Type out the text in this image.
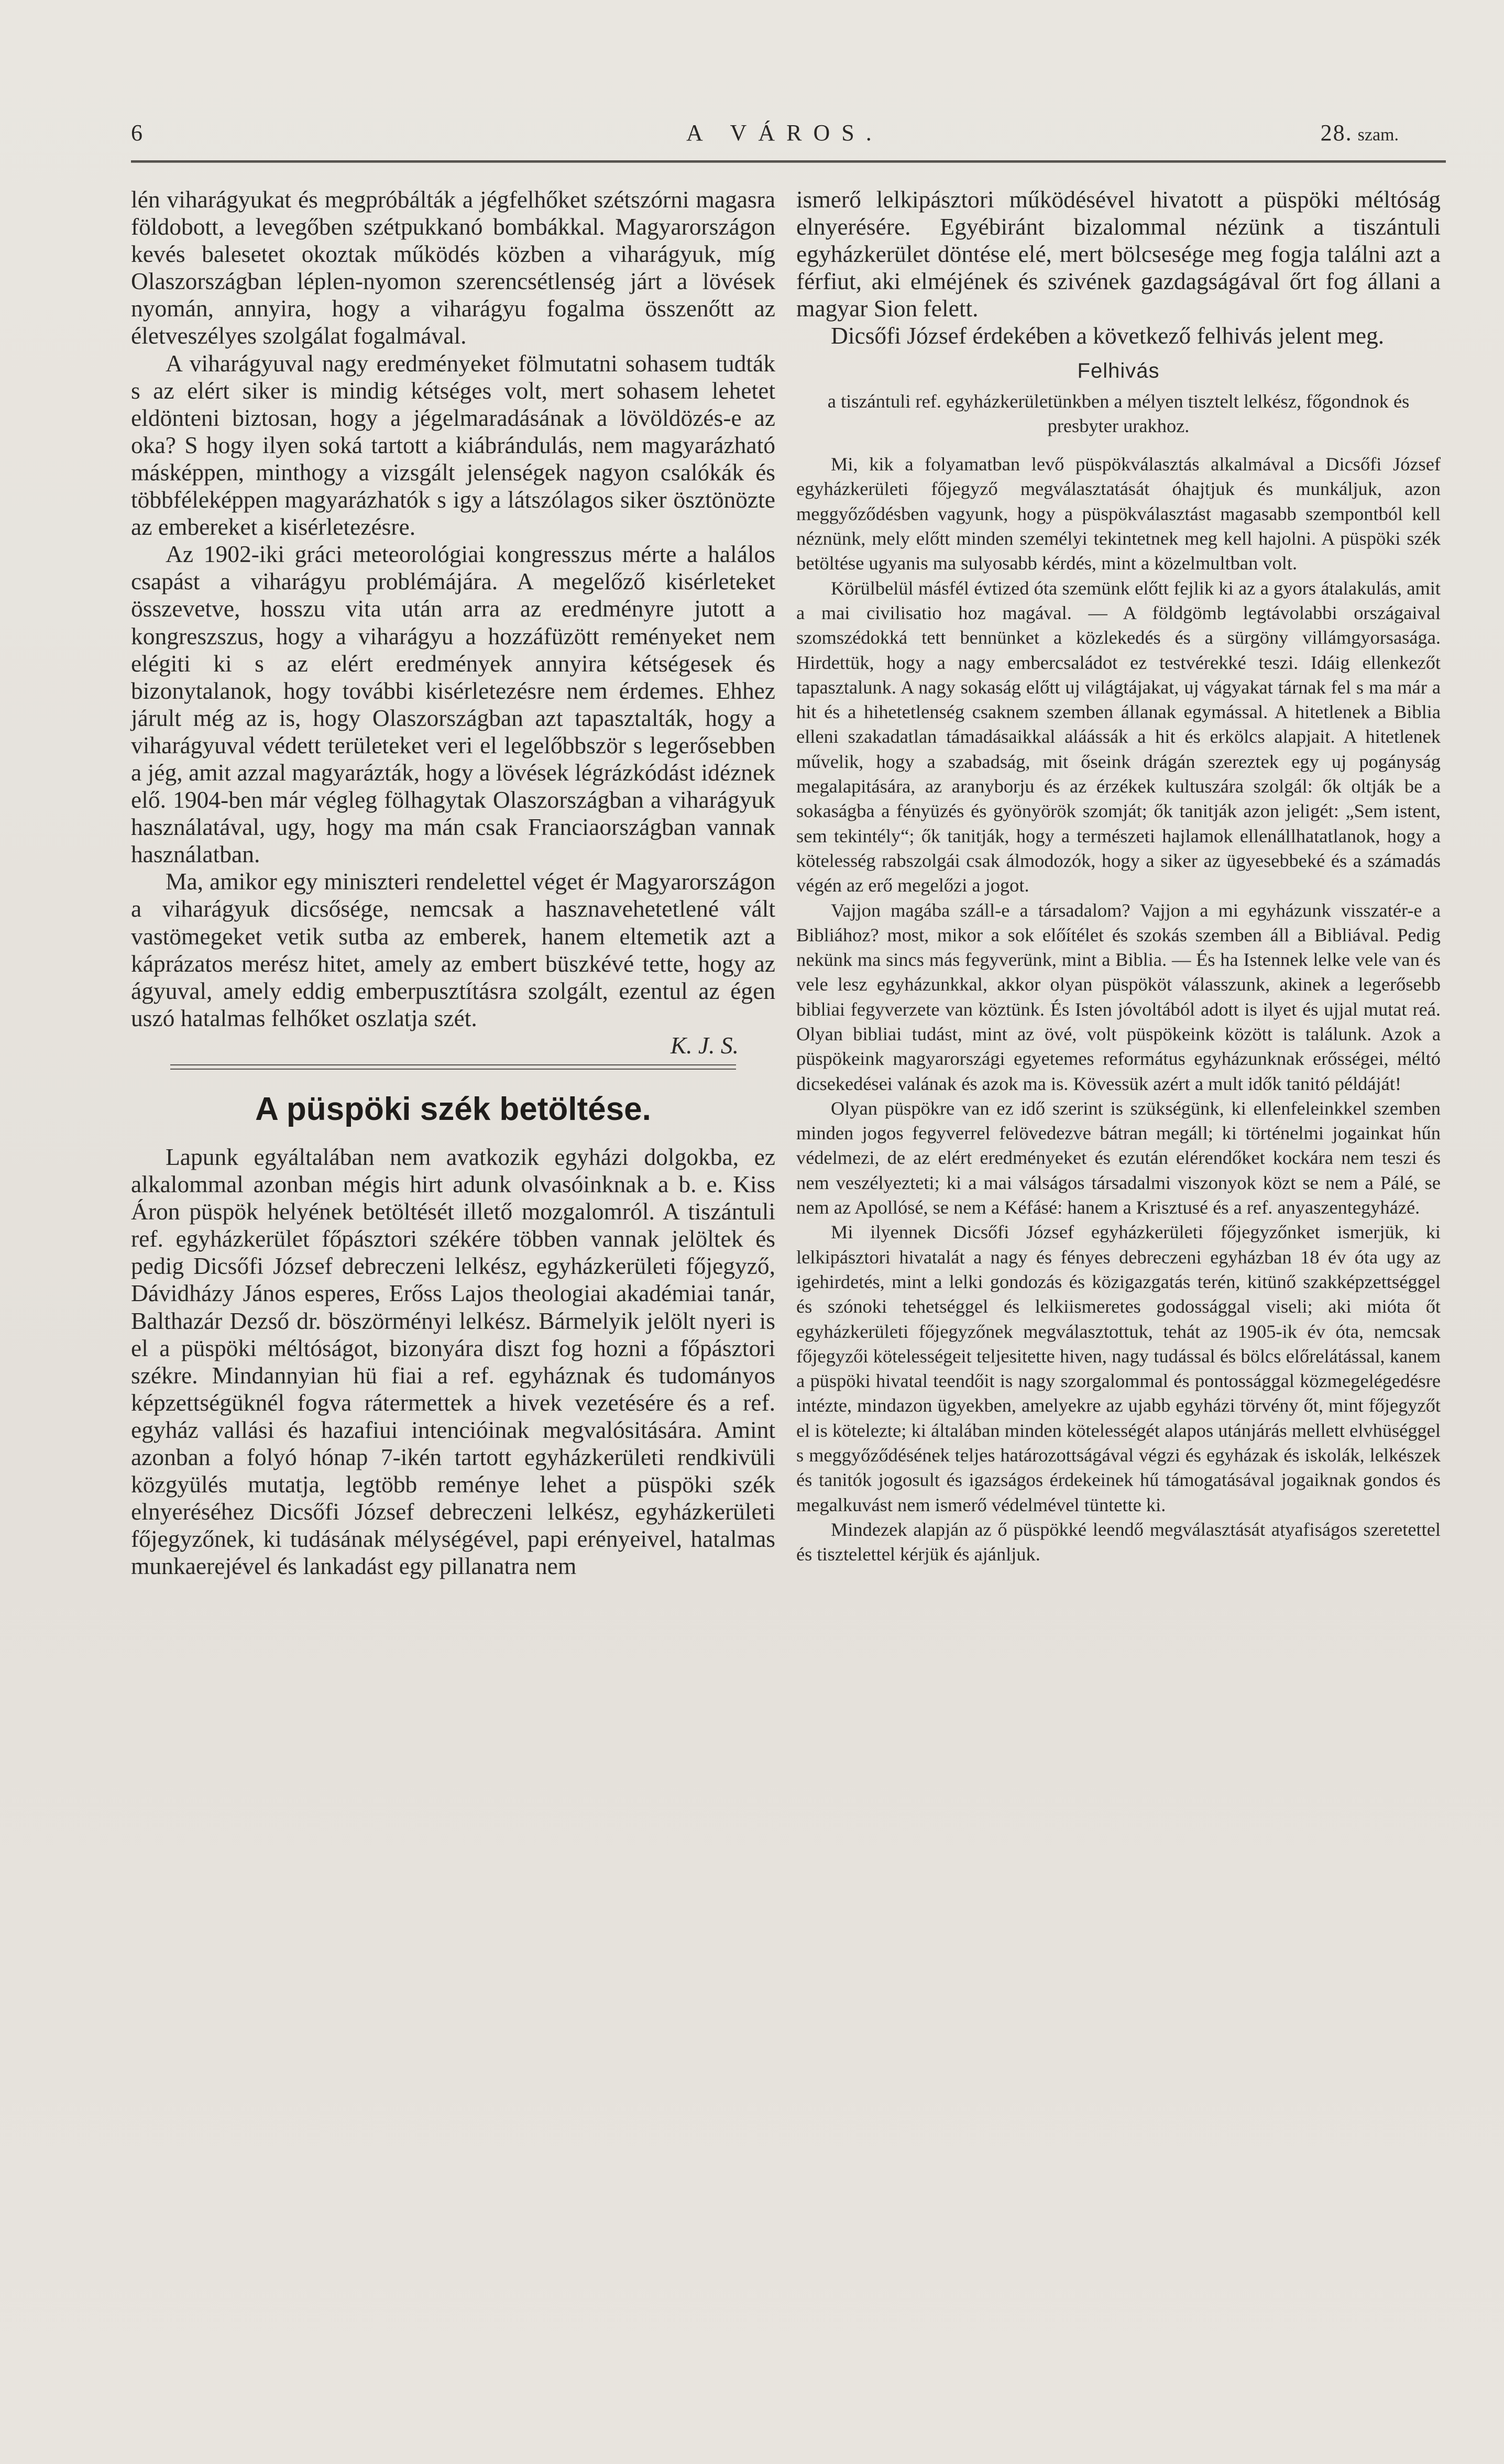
6	A VÁROS.	28. szam.

lén viharágyukat és megpróbálták a jégfelhőket szétszórni magasra földobott, a levegőben szétpukkanó bombákkal. Magyarországon kevés balesetet okoztak működés közben a viharágyuk, míg Olaszországban léplen-nyomon szerencsétlenség járt a lövések nyomán, annyira, hogy a viharágyu fogalma összenőtt az életveszélyes szolgálat fogalmával.

A viharágyuval nagy eredményeket fölmutatni sohasem tudták s az elért siker is mindig kétséges volt, mert sohasem lehetet eldönteni biztosan, hogy a jégelmaradásának a lövöldözés-e az oka? S hogy ilyen soká tartott a kiábrándulás, nem magyarázható másképpen, minthogy a vizsgált jelenségek nagyon csalókák és többféleképpen magyarázhatók s igy a látszólagos siker ösztönözte az embereket a kisérletezésre.

Az 1902-iki gráci meteorológiai kongresszus mérte a halálos csapást a viharágyu problémájára. A megelőző kisérleteket összevetve, hosszu vita után arra az eredményre jutott a kongreszszus, hogy a viharágyu a hozzáfüzött reményeket nem elégiti ki s az elért eredmények annyira kétségesek és bizonytalanok, hogy további kisérletezésre nem érdemes. Ehhez járult még az is, hogy Olaszországban azt tapasztalták, hogy a viharágyuval védett területeket veri el legelőbbször s legerősebben a jég, amit azzal magyarázták, hogy a lövések légrázkódást idéznek elő. 1904-ben már végleg fölhagytak Olaszországban a viharágyuk használatával, ugy, hogy ma mán csak Franciaországban vannak használatban.

Ma, amikor egy miniszteri rendelettel véget ér Magyarországon a viharágyuk dicsősége, nemcsak a hasznavehetetlené vált vastömegeket vetik sutba az emberek, hanem eltemetik azt a káprázatos merész hitet, amely az embert büszkévé tette, hogy az ágyuval, amely eddig emberpusztításra szolgált, ezentul az égen uszó hatalmas felhőket oszlatja szét.

K. J. S.

A püspöki szék betöltése.

Lapunk egyáltalában nem avatkozik egyházi dolgokba, ez alkalommal azonban mégis hirt adunk olvasóinknak a b. e. Kiss Áron püspök helyének betöltését illető mozgalomról. A tiszántuli ref. egyházkerület főpásztori székére többen vannak jelöltek és pedig Dicsőfi József debreczeni lelkész, egyházkerületi főjegyző, Dávidházy János esperes, Erőss Lajos theologiai akadémiai tanár, Balthazár Dezső dr. böszörményi lelkész. Bármelyik jelölt nyeri is el a püspöki méltóságot, bizonyára diszt fog hozni a főpásztori székre. Mindannyian hü fiai a ref. egyháznak és tudományos képzettségüknél fogva rátermettek a hivek vezetésére és a ref. egyház vallási és hazafiui intencióinak megvalósitására. Amint azonban a folyó hónap 7-ikén tartott egyházkerületi rendkivüli közgyülés mutatja, legtöbb reménye lehet a püspöki szék elnyeréséhez Dicsőfi József debreczeni lelkész, egyházkerületi főjegyzőnek, ki tudásának mélységével, papi erényeivel, hatalmas munkaerejével és lankadást egy pillanatra nem

ismerő lelkipásztori működésével hivatott a püspöki méltóság elnyerésére. Egyébiránt bizalommal nézünk a tiszántuli egyházkerület döntése elé, mert bölcsesége meg fogja találni azt a férfiut, aki elméjének és szivének gazdagságával őrt fog állani a magyar Sion felett.

Dicsőfi József érdekében a következő felhivás jelent meg.

Felhivás

a tiszántuli ref. egyházkerületünkben a mélyen tisztelt lelkész, főgondnok és presbyter urakhoz.

Mi, kik a folyamatban levő püspökválasztás alkalmával a Dicsőfi József egyházkerületi főjegyző megválasztatását óhajtjuk és munkáljuk, azon meggyőződésben vagyunk, hogy a püspökválasztást magasabb szempontból kell néznünk, mely előtt minden személyi tekintetnek meg kell hajolni. A püspöki szék betöltése ugyanis ma sulyosabb kérdés, mint a közelmultban volt.

Körülbelül másfél évtized óta szemünk előtt fejlik ki az a gyors átalakulás, amit a mai civilisatio hoz magával. — A földgömb legtávolabbi országaival szomszédokká tett bennünket a közlekedés és a sürgöny villámgyorsasága. Hirdettük, hogy a nagy embercsaládot ez testvérekké teszi. Idáig ellenkezőt tapasztalunk. A nagy sokaság előtt uj világtájakat, uj vágyakat tárnak fel s ma már a hit és a hihetetlenség csaknem szemben állanak egymással. A hitetlenek a Biblia elleni szakadatlan támadásaikkal aláássák a hit és erkölcs alapjait. A hitetlenek művelik, hogy a szabadság, mit őseink drágán szereztek egy uj pogányság megalapitására, az aranyborju és az érzékek kultuszára szolgál: ők oltják be a sokaságba a fényüzés és gyönyörök szomját; ők tanitják azon jeligét: „Sem istent, sem tekintély“; ők tanitják, hogy a természeti hajlamok ellenállhatatlanok, hogy a kötelesség rabszolgái csak álmodozók, hogy a siker az ügyesebbeké és a számadás végén az erő megelőzi a jogot.

Vajjon magába száll-e a társadalom? Vajjon a mi egyházunk visszatér-e a Bibliához? most, mikor a sok előítélet és szokás szemben áll a Bibliával. Pedig nekünk ma sincs más fegyverünk, mint a Biblia. — És ha Istennek lelke vele van és vele lesz egyházunkkal, akkor olyan püspököt válasszunk, akinek a legerősebb bibliai fegyverzete van köztünk. És Isten jóvoltából adott is ilyet és ujjal mutat reá. Olyan bibliai tudást, mint az övé, volt püspökeink között is találunk. Azok a püspökeink magyarországi egyetemes református egyházunknak erősségei, méltó dicsekedései valának és azok ma is. Kövessük azért a mult idők tanitó példáját!

Olyan püspökre van ez idő szerint is szükségünk, ki ellenfeleinkkel szemben minden jogos fegyverrel felövedezve bátran megáll; ki történelmi jogainkat hűn védelmezi, de az elért eredményeket és ezután elérendőket kockára nem teszi és nem veszélyezteti; ki a mai válságos társadalmi viszonyok közt se nem a Pálé, se nem az Apollósé, se nem a Kéfásé: hanem a Krisztusé és a ref. anyaszentegyházé.

Mi ilyennek Dicsőfi József egyházkerületi főjegyzőnket ismerjük, ki lelkipásztori hivatalát a nagy és fényes debreczeni egyházban 18 év óta ugy az igehirdetés, mint a lelki gondozás és közigazgatás terén, kitünő szakképzettséggel és szónoki tehetséggel és lelkiismeretes godossággal viseli; aki mióta őt egyházkerületi főjegyzőnek megválasztottuk, tehát az 1905-ik év óta, nemcsak főjegyzői kötelességeit teljesitette hiven, nagy tudással és bölcs előrelátással, kanem a püspöki hivatal teendőit is nagy szorgalommal és pontossággal közmegelégedésre intézte, mindazon ügyekben, amelyekre az ujabb egyházi törvény őt, mint főjegyzőt el is kötelezte; ki általában minden kötelességét alapos utánjárás mellett elvhüséggel s meggyőződésének teljes határozottságával végzi és egyházak és iskolák, lelkészek és tanitók jogosult és igazságos érdekeinek hű támogatásával jogaiknak gondos és megalkuvást nem ismerő védelmével tüntette ki.

Mindezek alapján az ő püspökké leendő megválasztását atyafiságos szeretettel és tisztelettel kérjük és ajánljuk.
